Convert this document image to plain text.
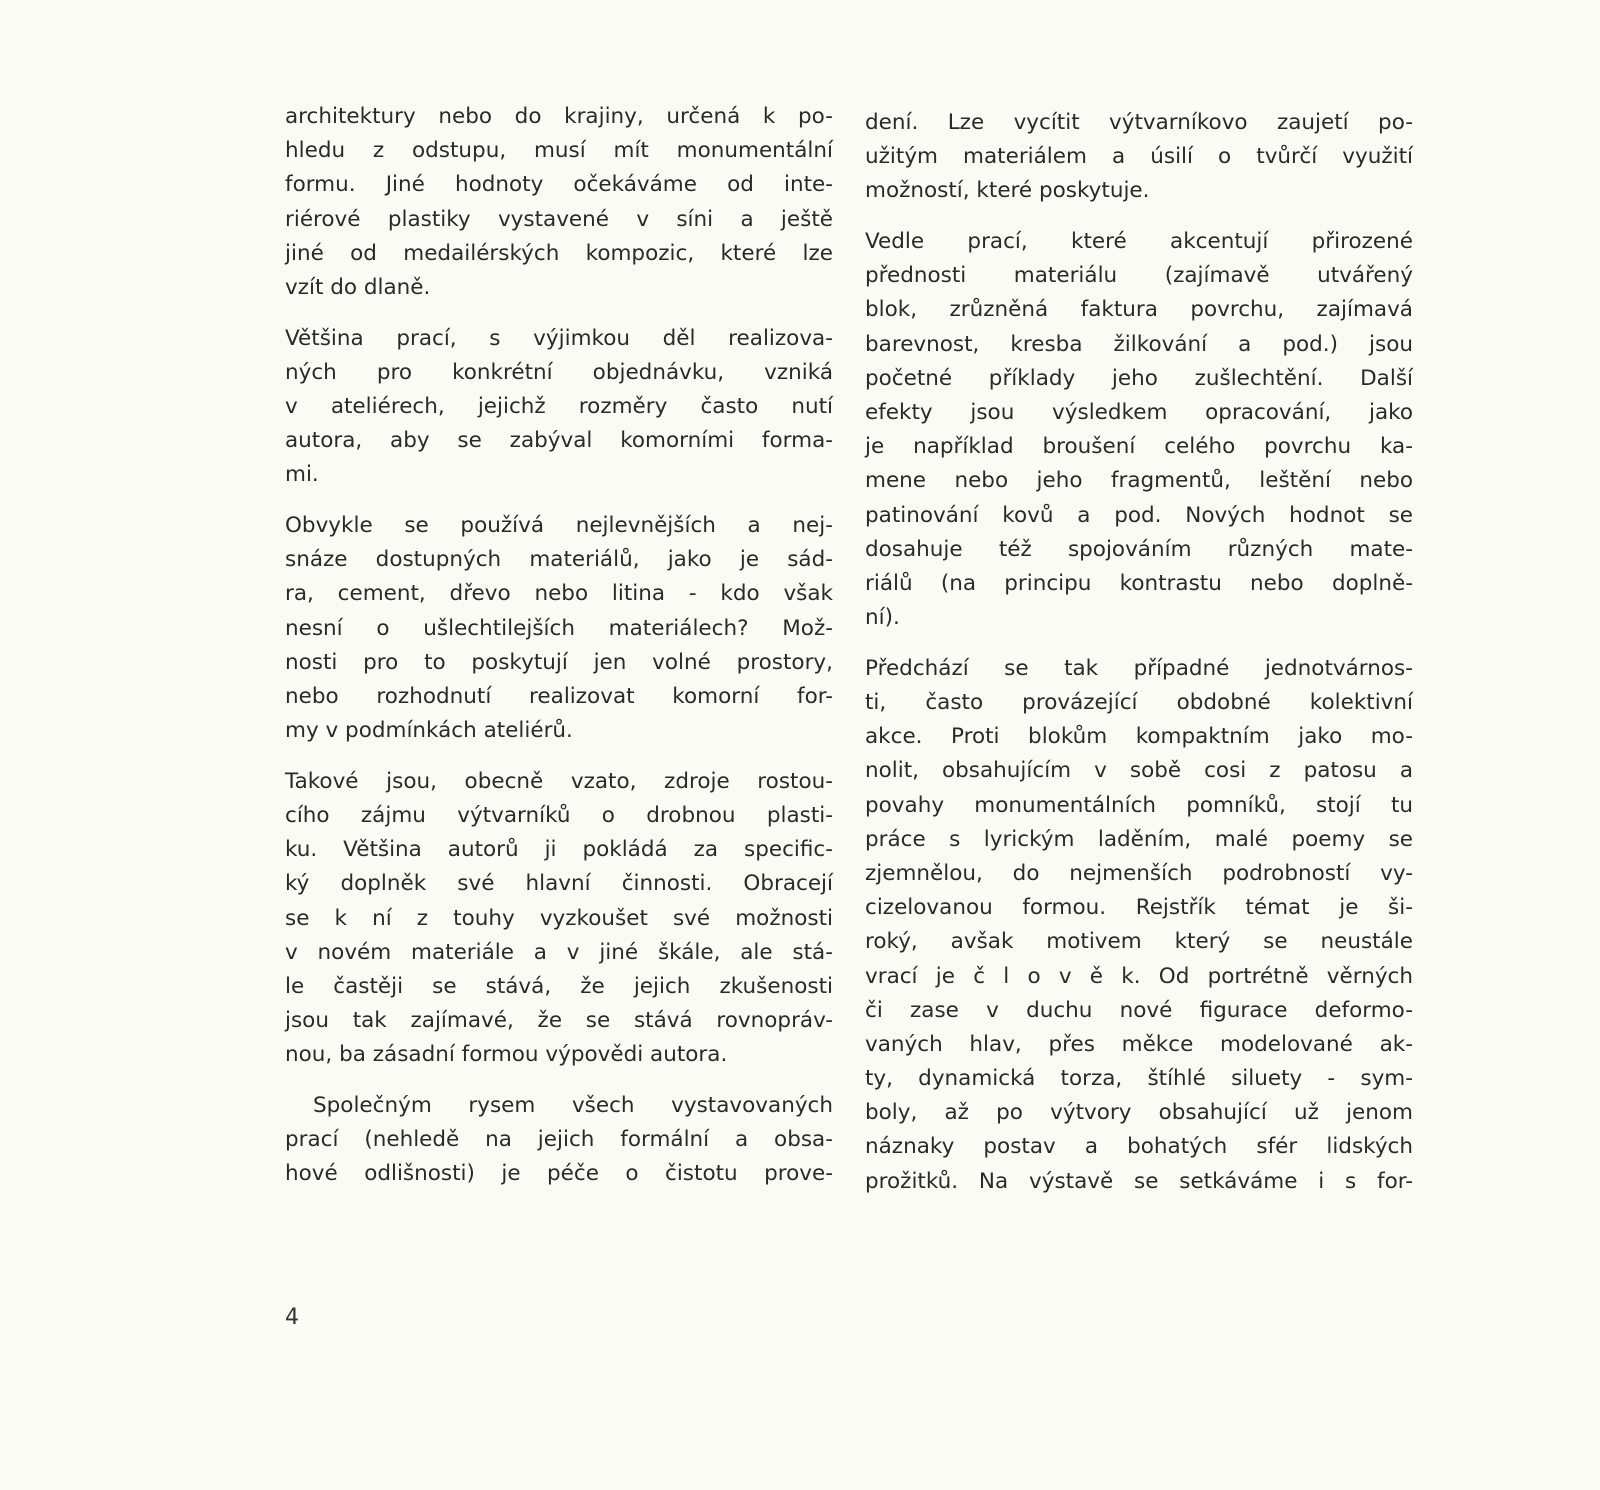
architektury nebo do krajiny, určená k po-
hledu z odstupu, musí mít monumentální
formu. Jiné hodnoty očekáváme od inte-
riérové plastiky vystavené v síni a ještě
jiné od medailérských kompozic, které lze
vzít do dlaně.
Většina prací, s výjimkou děl realizova-
ných pro konkrétní objednávku, vzniká
v ateliérech, jejichž rozměry často nutí
autora, aby se zabýval komorními forma-
mi.
Obvykle se používá nejlevnějších a nej-
snáze dostupných materiálů, jako je sád-
ra, cement, dřevo nebo litina - kdo však
nesní o ušlechtilejších materiálech? Mož-
nosti pro to poskytují jen volné prostory,
nebo rozhodnutí realizovat komorní for-
my v podmínkách ateliérů.
Takové jsou, obecně vzato, zdroje rostou-
cího zájmu výtvarníků o drobnou plasti-
ku. Většina autorů ji pokládá za specific-
ký doplněk své hlavní činnosti. Obracejí
se k ní z touhy vyzkoušet své možnosti
v novém materiále a v jiné škále, ale stá-
le častěji se stává, že jejich zkušenosti
jsou tak zajímavé, že se stává rovnopráv-
nou, ba zásadní formou výpovědi autora.
Společným rysem všech vystavovaných
prací (nehledě na jejich formální a obsa-
hové odlišnosti) je péče o čistotu prove-
dení. Lze vycítit výtvarníkovo zaujetí po-
užitým materiálem a úsilí o tvůrčí využití
možností, které poskytuje.
Vedle prací, které akcentují přirozené
přednosti materiálu (zajímavě utvářený
blok, zrůzněná faktura povrchu, zajímavá
barevnost, kresba žilkování a pod.) jsou
početné příklady jeho zušlechtění. Další
efekty jsou výsledkem opracování, jako
je například broušení celého povrchu ka-
mene nebo jeho fragmentů, leštění nebo
patinování kovů a pod. Nových hodnot se
dosahuje též spojováním různých mate-
riálů (na principu kontrastu nebo doplně-
ní).
Předchází se tak případné jednotvárnos-
ti, často provázející obdobné kolektivní
akce. Proti blokům kompaktním jako mo-
nolit, obsahujícím v sobě cosi z patosu a
povahy monumentálních pomníků, stojí tu
práce s lyrickým laděním, malé poemy se
zjemnělou, do nejmenších podrobností vy-
cizelovanou formou. Rejstřík témat je ši-
roký, avšak motivem který se neustále
vrací je č l o v ě k. Od portrétně věrných
či zase v duchu nové figurace deformo-
vaných hlav, přes měkce modelované ak-
ty, dynamická torza, štíhlé siluety - sym-
boly, až po výtvory obsahující už jenom
náznaky postav a bohatých sfér lidských
prožitků. Na výstavě se setkáváme i s for-
4
